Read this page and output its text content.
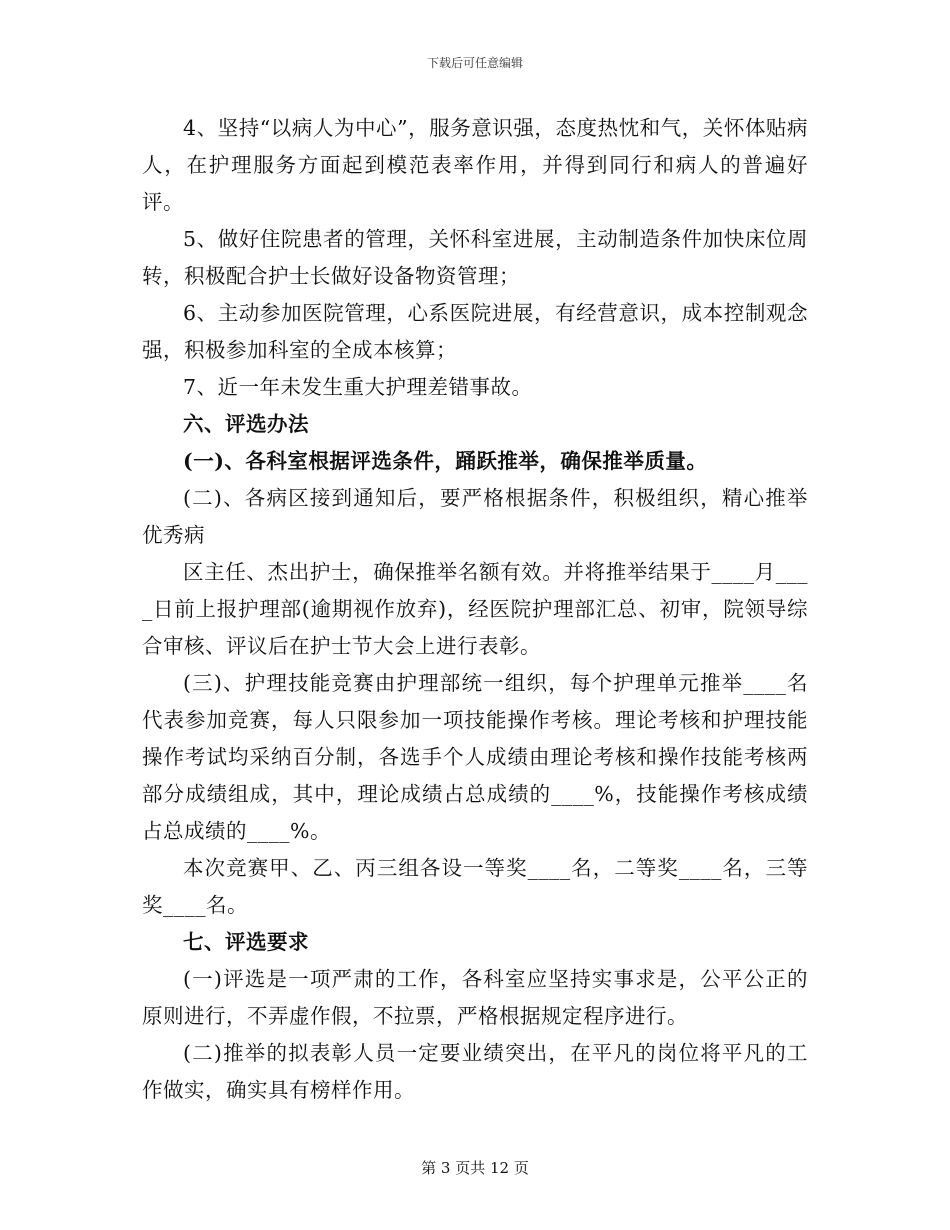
下载后可任意编辑

4、坚持“以病人为中心”，服务意识强，态度热忱和气，关怀体贴病人，在护理服务方面起到模范表率作用，并得到同行和病人的普遍好评。

5、做好住院患者的管理，关怀科室进展，主动制造条件加快床位周转，积极配合护士长做好设备物资管理；

6、主动参加医院管理，心系医院进展，有经营意识，成本控制观念强，积极参加科室的全成本核算；

7、近一年未发生重大护理差错事故。

六、评选办法

(一)、各科室根据评选条件，踊跃推举，确保推举质量。

(二)、各病区接到通知后，要严格根据条件，积极组织，精心推举优秀病

区主任、杰出护士，确保推举名额有效。并将推举结果于____月____日前上报护理部(逾期视作放弃)，经医院护理部汇总、初审，院领导综合审核、评议后在护士节大会上进行表彰。

(三)、护理技能竞赛由护理部统一组织，每个护理单元推举____名代表参加竞赛，每人只限参加一项技能操作考核。理论考核和护理技能操作考试均采纳百分制，各选手个人成绩由理论考核和操作技能考核两部分成绩组成，其中，理论成绩占总成绩的____%，技能操作考核成绩占总成绩的____%。

本次竞赛甲、乙、丙三组各设一等奖____名，二等奖____名，三等奖____名。

七、评选要求

(一)评选是一项严肃的工作，各科室应坚持实事求是，公平公正的原则进行，不弄虚作假，不拉票，严格根据规定程序进行。

(二)推举的拟表彰人员一定要业绩突出，在平凡的岗位将平凡的工作做实，确实具有榜样作用。

第 3 页共 12 页
